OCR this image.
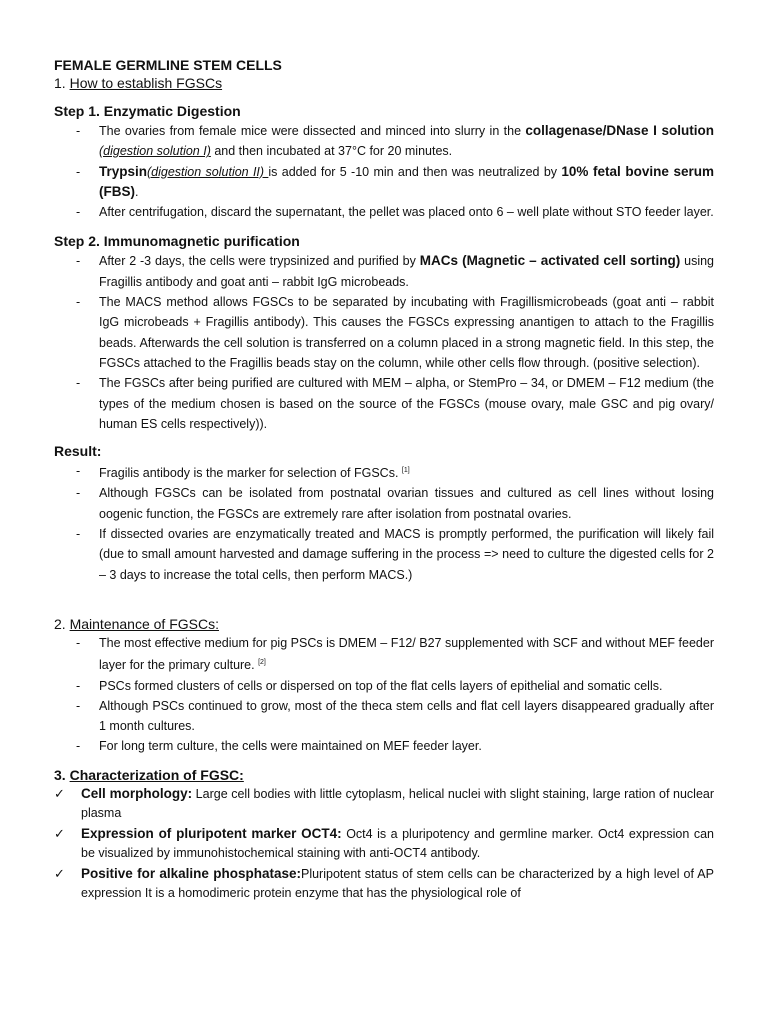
FEMALE GERMLINE STEM CELLS

1. How to establish FGSCs

Step 1. Enzymatic Digestion

- The ovaries from female mice were dissected and minced into slurry in the collagenase/DNase I solution (digestion solution I) and then incubated at 37°C for 20 minutes.
- Trypsin(digestion solution II) is added for 5 -10 min and then was neutralized by 10% fetal bovine serum (FBS).
- After centrifugation, discard the supernatant, the pellet was placed onto 6 – well plate without STO feeder layer.

Step 2. Immunomagnetic purification

- After 2 -3 days, the cells were trypsinized and purified by MACs (Magnetic – activated cell sorting) using Fragillis antibody and goat anti – rabbit IgG microbeads.
- The MACS method allows FGSCs to be separated by incubating with Fragillismicrobeads (goat anti – rabbit IgG microbeads + Fragillis antibody). This causes the FGSCs expressing anantigen to attach to the Fragillis beads. Afterwards the cell solution is transferred on a column placed in a strong magnetic field. In this step, the FGSCs attached to the Fragillis beads stay on the column, while other cells flow through. (positive selection).
- The FGSCs after being purified are cultured with MEM – alpha, or StemPro – 34, or DMEM – F12 medium (the types of the medium chosen is based on the source of the FGSCs (mouse ovary, male GSC and pig ovary/ human ES cells respectively)).

Result:

- Fragilis antibody is the marker for selection of FGSCs. [1]
- Although FGSCs can be isolated from postnatal ovarian tissues and cultured as cell lines without losing oogenic function, the FGSCs are extremely rare after isolation from postnatal ovaries.
- If dissected ovaries are enzymatically treated and MACS is promptly performed, the purification will likely fail (due to small amount harvested and damage suffering in the process => need to culture the digested cells for 2 – 3 days to increase the total cells, then perform MACS.)

2. Maintenance of FGSCs:

- The most effective medium for pig PSCs is DMEM – F12/ B27 supplemented with SCF and without MEF feeder layer for the primary culture. [2]
- PSCs formed clusters of cells or dispersed on top of the flat cells layers of epithelial and somatic cells.
- Although PSCs continued to grow, most of the theca stem cells and flat cell layers disappeared gradually after 1 month cultures.
- For long term culture, the cells were maintained on MEF feeder layer.

3. Characterization of FGSC:

✓ Cell morphology: Large cell bodies with little cytoplasm, helical nuclei with slight staining, large ration of nuclear plasma
✓ Expression of pluripotent marker OCT4: Oct4 is a pluripotency and germline marker. Oct4 expression can be visualized by immunohistochemical staining with anti-OCT4 antibody.
✓ Positive for alkaline phosphatase:Pluripotent status of stem cells can be characterized by a high level of AP expression It is a homodimeric protein enzyme that has the physiological role of
